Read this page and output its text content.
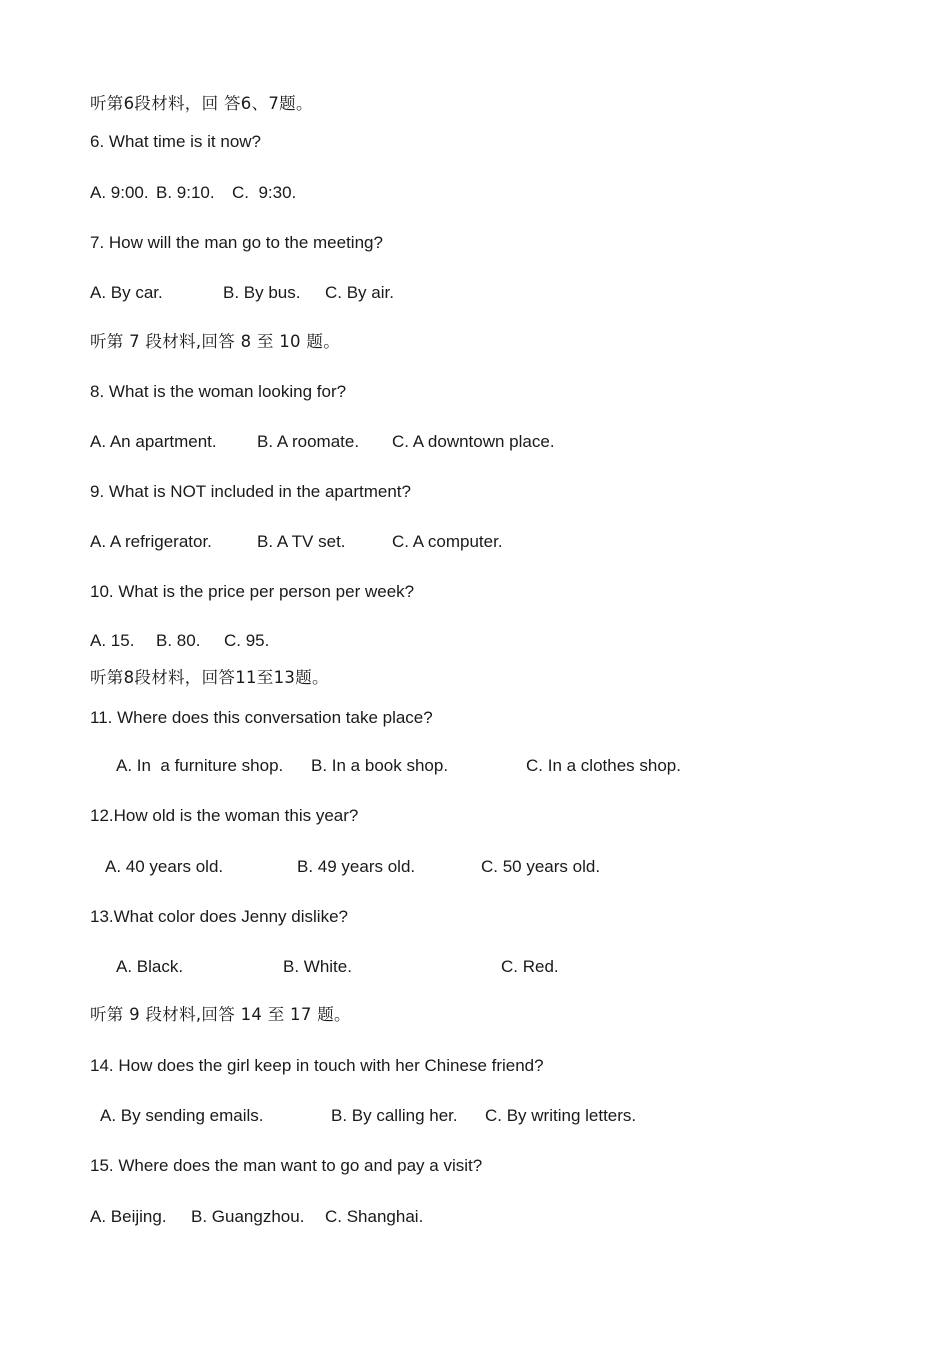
听第6段材料，回 答6、7题。
6. What time is it now?
A. 9:00. B. 9:10. C.  9:30.
7. How will the man go to the meeting?
A. By car.	B. By bus. C. By air.
听第 7 段材料,回答 8 至 10 题。
8. What is the woman looking for?
A. An apartment. B. A roomate. C. A downtown place.
9. What is NOT included in the apartment?
A. A refrigerator.	B. A TV set.	C. A computer.
10. What is the price per person per week?
A. 15. B. 80. C. 95.
听第8段材料，回答11至13题。
11. Where does this conversation take place?
A. In  a furniture shop. B. In a book shop.	C. In a clothes shop.
12.How old is the woman this year?
A. 40 years old.	B. 49 years old.	C. 50 years old.
13.What color does Jenny dislike?
A. Black.	B. White.	C. Red.
听第 9 段材料,回答 14 至 17 题。
14. How does the girl keep in touch with her Chinese friend?
A. By sending emails.	B. By calling her. C. By writing letters.
15. Where does the man want to go and pay a visit?
A. Beijing. B. Guangzhou. C. Shanghai.
